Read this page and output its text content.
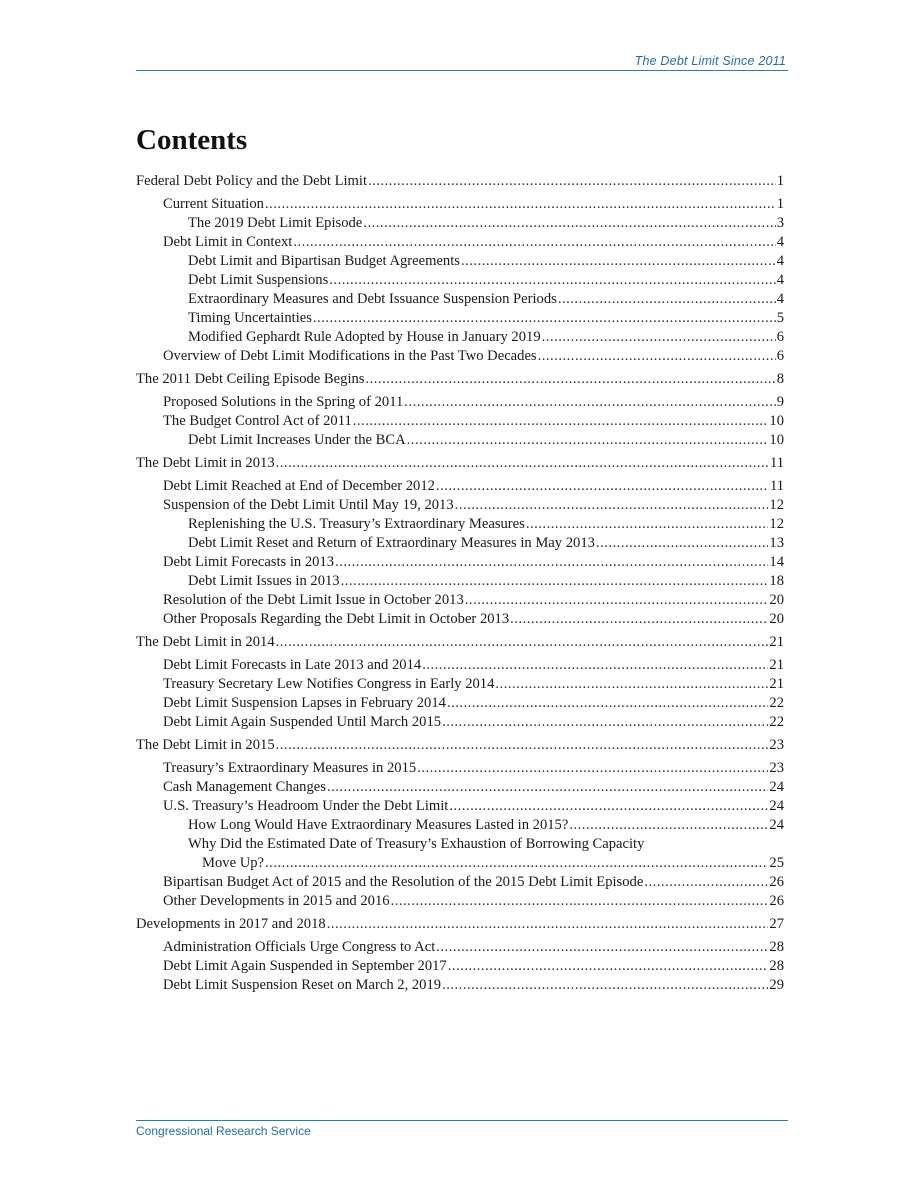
The Debt Limit Since 2011
Contents
Federal Debt Policy and the Debt Limit .....	1
Current Situation .....	1
The 2019 Debt Limit Episode .....	3
Debt Limit in Context .....	4
Debt Limit and Bipartisan Budget Agreements .....	4
Debt Limit Suspensions .....	4
Extraordinary Measures and Debt Issuance Suspension Periods .....	4
Timing Uncertainties .....	5
Modified Gephardt Rule Adopted by House in January 2019 .....	6
Overview of Debt Limit Modifications in the Past Two Decades .....	6
The 2011 Debt Ceiling Episode Begins .....	8
Proposed Solutions in the Spring of 2011 .....	9
The Budget Control Act of 2011 .....	10
Debt Limit Increases Under the BCA .....	10
The Debt Limit in 2013 .....	11
Debt Limit Reached at End of December 2012 .....	11
Suspension of the Debt Limit Until May 19, 2013 .....	12
Replenishing the U.S. Treasury’s Extraordinary Measures .....	12
Debt Limit Reset and Return of Extraordinary Measures in May 2013 .....	13
Debt Limit Forecasts in 2013 .....	14
Debt Limit Issues in 2013 .....	18
Resolution of the Debt Limit Issue in October 2013 .....	20
Other Proposals Regarding the Debt Limit in October 2013 .....	20
The Debt Limit in 2014 .....	21
Debt Limit Forecasts in Late 2013 and 2014 .....	21
Treasury Secretary Lew Notifies Congress in Early 2014 .....	21
Debt Limit Suspension Lapses in February 2014 .....	22
Debt Limit Again Suspended Until March 2015 .....	22
The Debt Limit in 2015 .....	23
Treasury’s Extraordinary Measures in 2015 .....	23
Cash Management Changes .....	24
U.S. Treasury’s Headroom Under the Debt Limit .....	24
How Long Would Have Extraordinary Measures Lasted in 2015? .....	24
Why Did the Estimated Date of Treasury’s Exhaustion of Borrowing Capacity
Move Up? .....	25
Bipartisan Budget Act of 2015 and the Resolution of the 2015 Debt Limit Episode .....	26
Other Developments in 2015 and 2016 .....	26
Developments in 2017 and 2018 .....	27
Administration Officials Urge Congress to Act .....	28
Debt Limit Again Suspended in September 2017 .....	28
Debt Limit Suspension Reset on March 2, 2019 .....	29
Congressional Research Service
